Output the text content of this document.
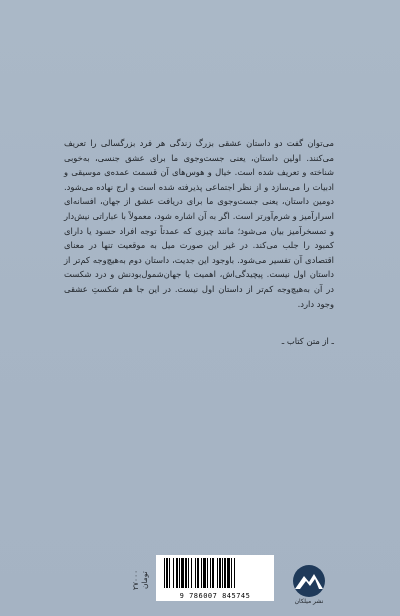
می‌توان گفت دو داستان عشقی بزرگ زندگی هر فرد بزرگسالی را تعریف می‌کنند. اولین داستان، یعنی جست‌وجوی ما برای عشق جنسی، به‌خوبی شناخته و تعریف شده است. خیال و هوس‌های آن قسمت عمده‌ی موسیقی و ادبیات را می‌سازد و از نظر اجتماعی پذیرفته شده است و ارج نهاده می‌شود. دومین داستان، یعنی جست‌وجوی ما برای دریافت عشق از جهان، افسانه‌ای اسرارآمیز و شرم‌آورتر است. اگر به آن اشاره شود، معمولاً با عباراتی نیش‌دار و تمسخرآمیز بیان می‌شود؛ مانند چیزی که عمدتاً توجه افراد حسود یا دارای کمبود را جلب می‌کند. در غیر این صورت میل به موقعیت تنها در معنای اقتصادی آن تفسیر می‌شود. باوجود این جدیت، داستان دوم به‌هیچ‌وجه کم‌تر از داستان اول نیست. پیچیدگی‌اش، اهمیت یا جهان‌شمول‌بودنش و درد شکست در آن به‌هیچ‌وجه کم‌تر از داستان اول نیست. در این جا هم شکستِ عشقی وجود دارد.

ـ از متن کتاب ـ
۲۷۰۰۰ تومان
9 786007 845745
نشر میلکان
